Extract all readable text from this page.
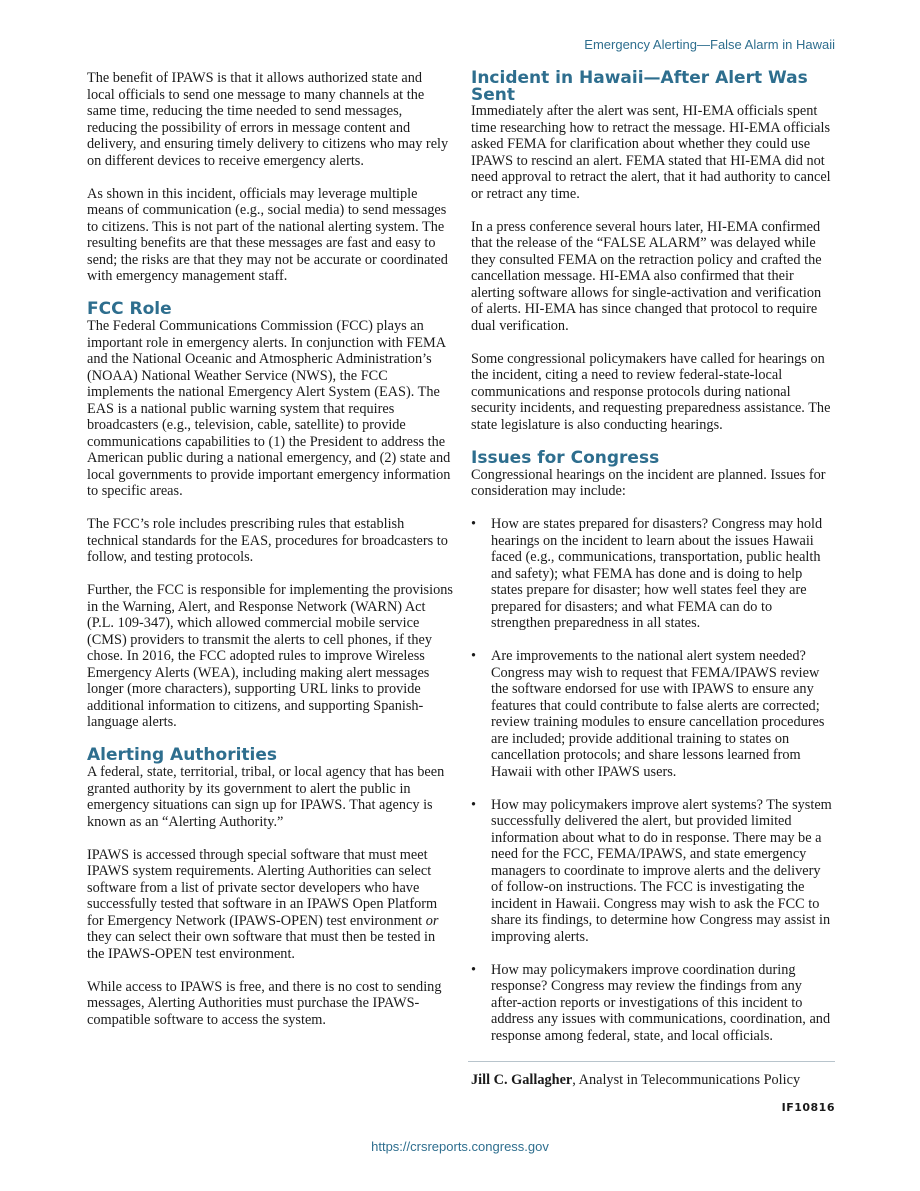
Emergency Alerting—False Alarm in Hawaii

The benefit of IPAWS is that it allows authorized state and local officials to send one message to many channels at the same time, reducing the time needed to send messages, reducing the possibility of errors in message content and delivery, and ensuring timely delivery to citizens who may rely on different devices to receive emergency alerts.

As shown in this incident, officials may leverage multiple means of communication (e.g., social media) to send messages to citizens. This is not part of the national alerting system. The resulting benefits are that these messages are fast and easy to send; the risks are that they may not be accurate or coordinated with emergency management staff.

FCC Role

The Federal Communications Commission (FCC) plays an important role in emergency alerts. In conjunction with FEMA and the National Oceanic and Atmospheric Administration’s (NOAA) National Weather Service (NWS), the FCC implements the national Emergency Alert System (EAS). The EAS is a national public warning system that requires broadcasters (e.g., television, cable, satellite) to provide communications capabilities to (1) the President to address the American public during a national emergency, and (2) state and local governments to provide important emergency information to specific areas.

The FCC’s role includes prescribing rules that establish technical standards for the EAS, procedures for broadcasters to follow, and testing protocols.

Further, the FCC is responsible for implementing the provisions in the Warning, Alert, and Response Network (WARN) Act (P.L. 109-347), which allowed commercial mobile service (CMS) providers to transmit the alerts to cell phones, if they chose. In 2016, the FCC adopted rules to improve Wireless Emergency Alerts (WEA), including making alert messages longer (more characters), supporting URL links to provide additional information to citizens, and supporting Spanish-language alerts.

Alerting Authorities

A federal, state, territorial, tribal, or local agency that has been granted authority by its government to alert the public in emergency situations can sign up for IPAWS. That agency is known as an “Alerting Authority.”

IPAWS is accessed through special software that must meet IPAWS system requirements. Alerting Authorities can select software from a list of private sector developers who have successfully tested that software in an IPAWS Open Platform for Emergency Network (IPAWS-OPEN) test environment or they can select their own software that must then be tested in the IPAWS-OPEN test environment.

While access to IPAWS is free, and there is no cost to sending messages, Alerting Authorities must purchase the IPAWS-compatible software to access the system.

Incident in Hawaii—After Alert Was Sent

Immediately after the alert was sent, HI-EMA officials spent time researching how to retract the message. HI-EMA officials asked FEMA for clarification about whether they could use IPAWS to rescind an alert. FEMA stated that HI-EMA did not need approval to retract the alert, that it had authority to cancel or retract any time.

In a press conference several hours later, HI-EMA confirmed that the release of the “FALSE ALARM” was delayed while they consulted FEMA on the retraction policy and crafted the cancellation message. HI-EMA also confirmed that their alerting software allows for single-activation and verification of alerts. HI-EMA has since changed that protocol to require dual verification.

Some congressional policymakers have called for hearings on the incident, citing a need to review federal-state-local communications and response protocols during national security incidents, and requesting preparedness assistance. The state legislature is also conducting hearings.

Issues for Congress

Congressional hearings on the incident are planned. Issues for consideration may include:

• How are states prepared for disasters? Congress may hold hearings on the incident to learn about the issues Hawaii faced (e.g., communications, transportation, public health and safety); what FEMA has done and is doing to help states prepare for disaster; how well states feel they are prepared for disasters; and what FEMA can do to strengthen preparedness in all states.
• Are improvements to the national alert system needed? Congress may wish to request that FEMA/IPAWS review the software endorsed for use with IPAWS to ensure any features that could contribute to false alerts are corrected; review training modules to ensure cancellation procedures are included; provide additional training to states on cancellation protocols; and share lessons learned from Hawaii with other IPAWS users.
• How may policymakers improve alert systems? The system successfully delivered the alert, but provided limited information about what to do in response. There may be a need for the FCC, FEMA/IPAWS, and state emergency managers to coordinate to improve alerts and the delivery of follow-on instructions. The FCC is investigating the incident in Hawaii. Congress may wish to ask the FCC to share its findings, to determine how Congress may assist in improving alerts.
• How may policymakers improve coordination during response? Congress may review the findings from any after-action reports or investigations of this incident to address any issues with communications, coordination, and response among federal, state, and local officials.
Jill C. Gallagher, Analyst in Telecommunications Policy
IF10816
https://crsreports.congress.gov
